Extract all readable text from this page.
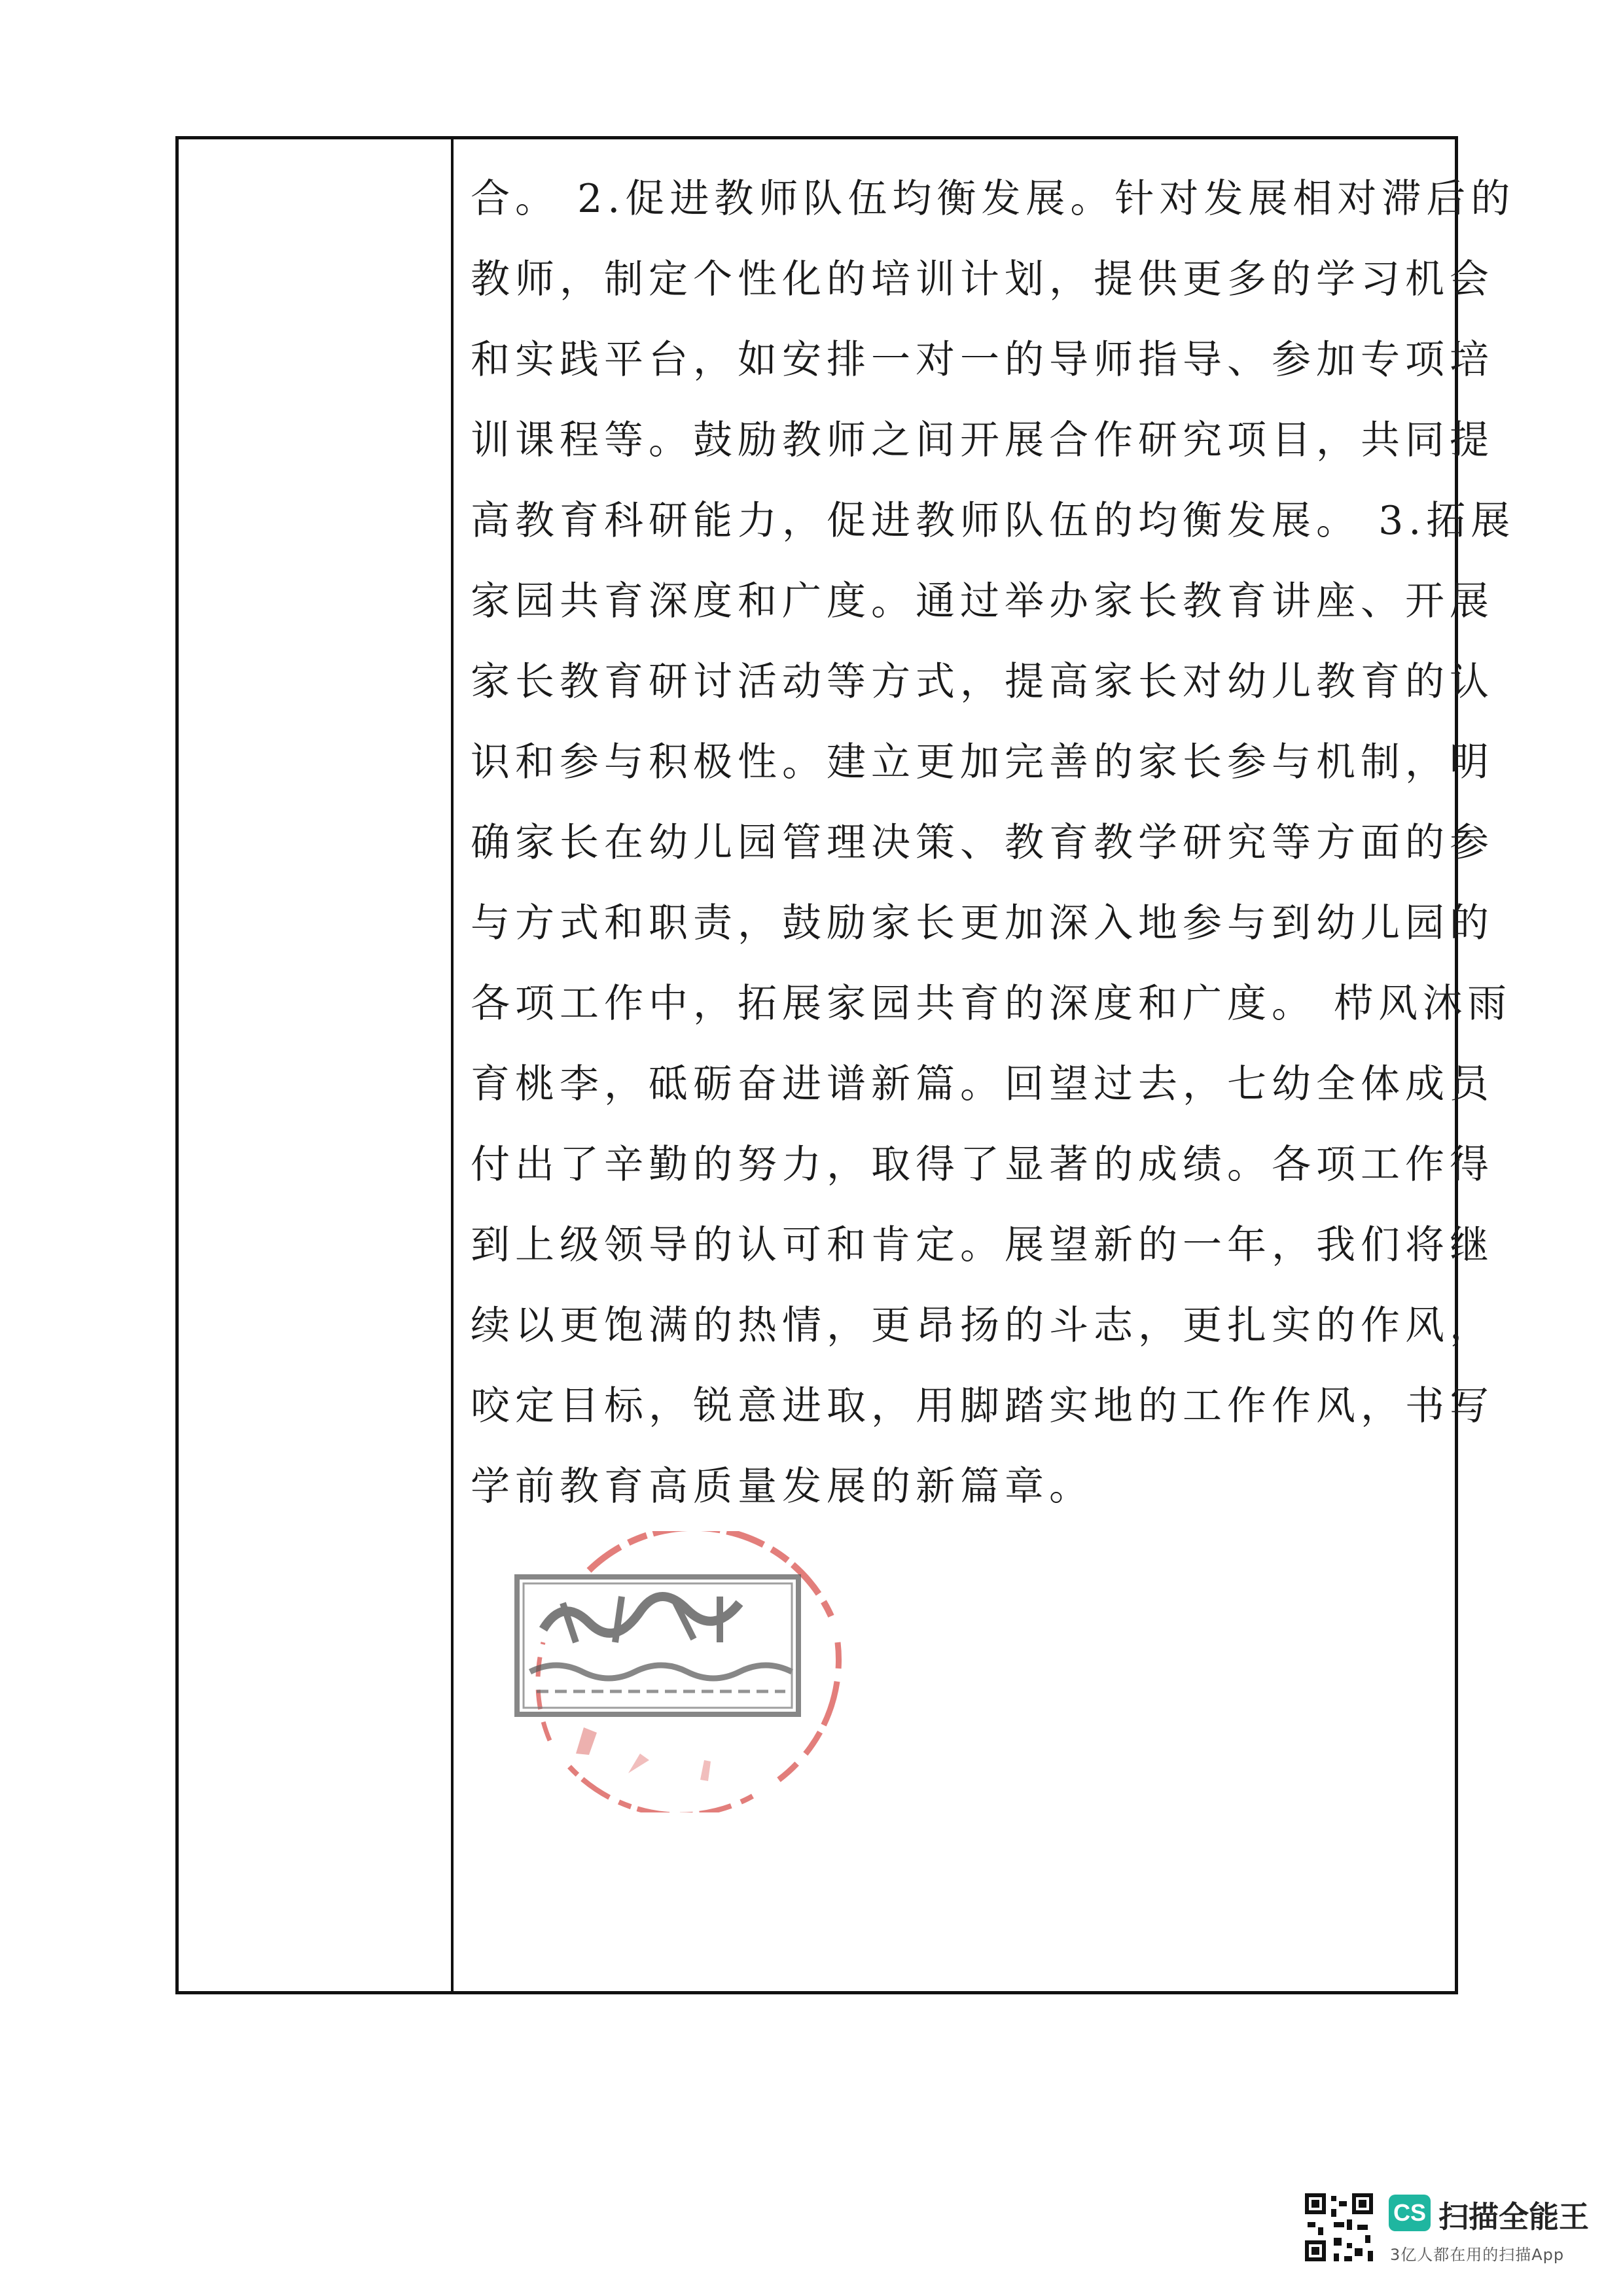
合。 2.促进教师队伍均衡发展。针对发展相对滞后的
教师，制定个性化的培训计划，提供更多的学习机会
和实践平台，如安排一对一的导师指导、参加专项培
训课程等。鼓励教师之间开展合作研究项目，共同提
高教育科研能力，促进教师队伍的均衡发展。 3.拓展
家园共育深度和广度。通过举办家长教育讲座、开展
家长教育研讨活动等方式，提高家长对幼儿教育的认
识和参与积极性。建立更加完善的家长参与机制，明
确家长在幼儿园管理决策、教育教学研究等方面的参
与方式和职责，鼓励家长更加深入地参与到幼儿园的
各项工作中，拓展家园共育的深度和广度。 栉风沐雨
育桃李，砥砺奋进谱新篇。回望过去，七幼全体成员
付出了辛勤的努力，取得了显著的成绩。各项工作得
到上级领导的认可和肯定。展望新的一年，我们将继
续以更饱满的热情，更昂扬的斗志，更扎实的作风，
咬定目标，锐意进取，用脚踏实地的工作作风，书写
学前教育高质量发展的新篇章。

CS 扫描全能王
3亿人都在用的扫描App
